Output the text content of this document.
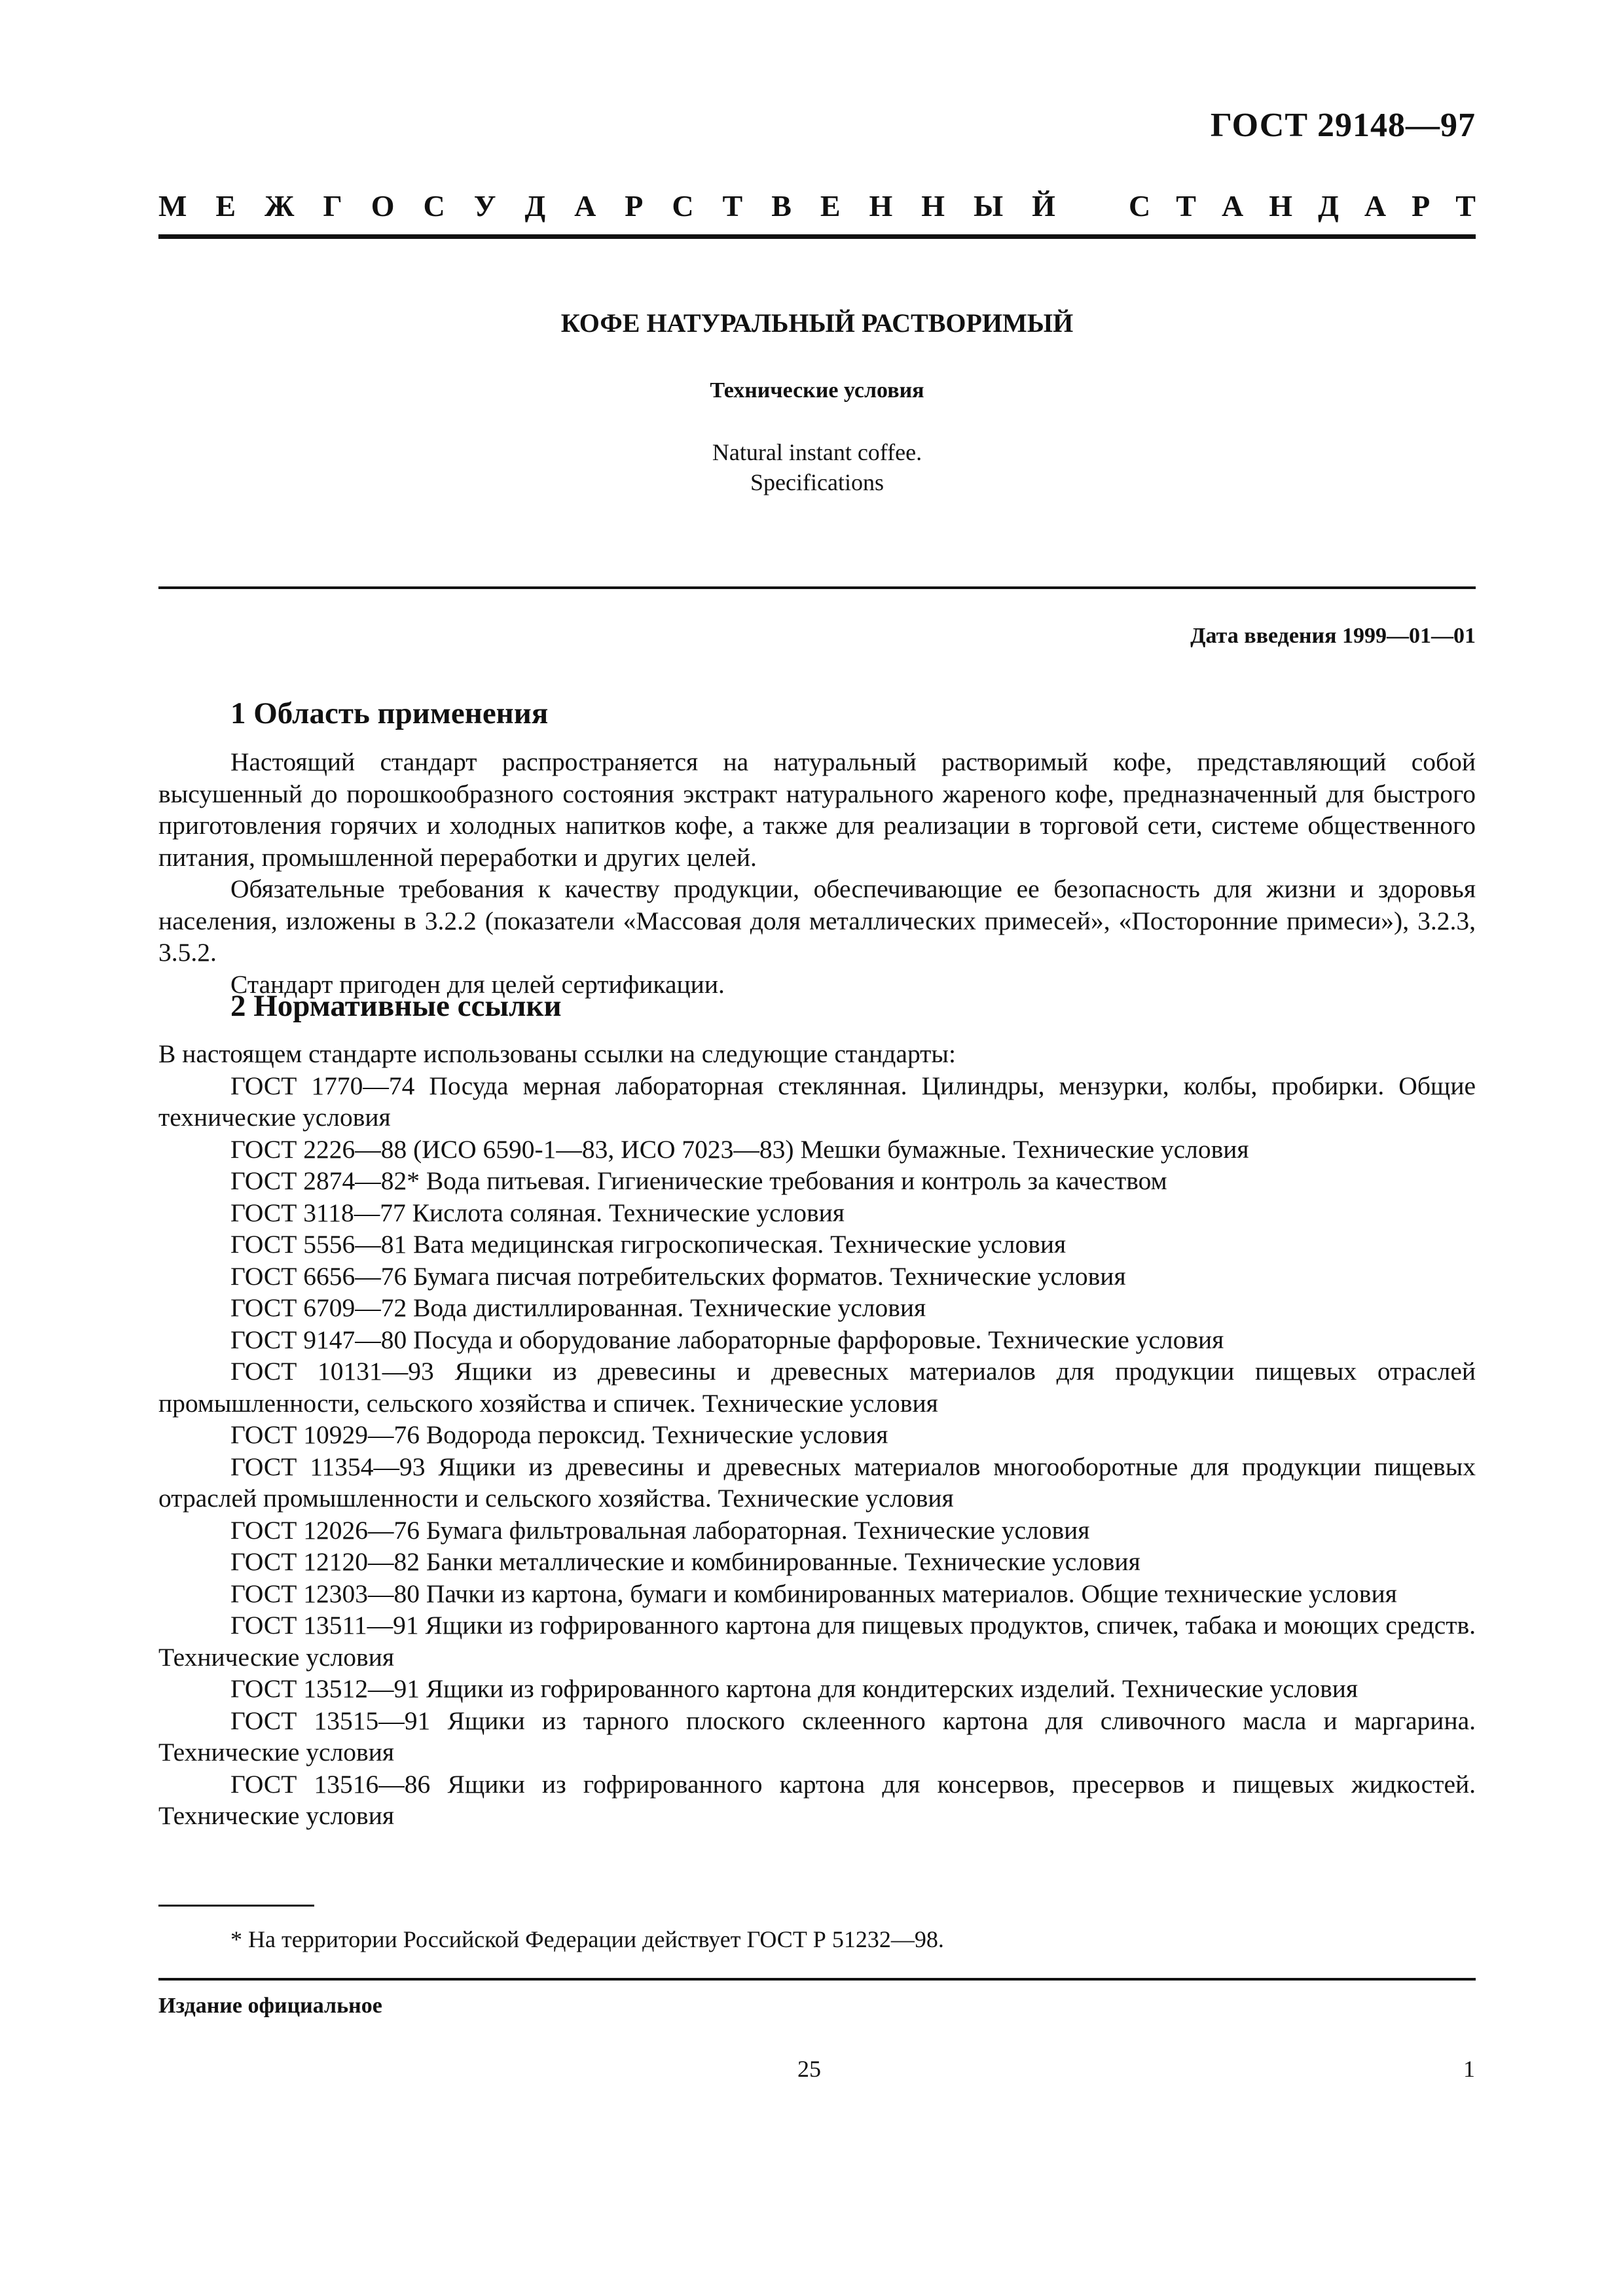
ГОСТ 29148—97
М Е Ж Г О С У Д А Р С Т В Е Н Н Ы Й С Т А Н Д А Р Т
КОФЕ НАТУРАЛЬНЫЙ РАСТВОРИМЫЙ
Технические условия
Natural instant coffee.
Specifications
Дата введения 1999—01—01
1 Область применения

Настоящий стандарт распространяется на натуральный растворимый кофе, представляющий собой высушенный до порошкообразного состояния экстракт натурального жареного кофе, предназначенный для быстрого приготовления горячих и холодных напитков кофе, а также для реализации в торговой сети, системе общественного питания, промышленной переработки и других целей.

Обязательные требования к качеству продукции, обеспечивающие ее безопасность для жизни и здоровья населения, изложены в 3.2.2 (показатели «Массовая доля металлических примесей», «Посторонние примеси»), 3.2.3, 3.5.2.

Стандарт пригоден для целей сертификации.

2 Нормативные ссылки

В настоящем стандарте использованы ссылки на следующие стандарты:

ГОСТ 1770—74 Посуда мерная лабораторная стеклянная. Цилиндры, мензурки, колбы, пробирки. Общие технические условия

ГОСТ 2226—88 (ИСО 6590-1—83, ИСО 7023—83) Мешки бумажные. Технические условия

ГОСТ 2874—82* Вода питьевая. Гигиенические требования и контроль за качеством

ГОСТ 3118—77 Кислота соляная. Технические условия

ГОСТ 5556—81 Вата медицинская гигроскопическая. Технические условия

ГОСТ 6656—76 Бумага писчая потребительских форматов. Технические условия

ГОСТ 6709—72 Вода дистиллированная. Технические условия

ГОСТ 9147—80 Посуда и оборудование лабораторные фарфоровые. Технические условия

ГОСТ 10131—93 Ящики из древесины и древесных материалов для продукции пищевых отраслей промышленности, сельского хозяйства и спичек. Технические условия

ГОСТ 10929—76 Водорода пероксид. Технические условия

ГОСТ 11354—93 Ящики из древесины и древесных материалов многооборотные для продукции пищевых отраслей промышленности и сельского хозяйства. Технические условия

ГОСТ 12026—76 Бумага фильтровальная лабораторная. Технические условия

ГОСТ 12120—82 Банки металлические и комбинированные. Технические условия

ГОСТ 12303—80 Пачки из картона, бумаги и комбинированных материалов. Общие технические условия

ГОСТ 13511—91 Ящики из гофрированного картона для пищевых продуктов, спичек, табака и моющих средств. Технические условия

ГОСТ 13512—91 Ящики из гофрированного картона для кондитерских изделий. Технические условия

ГОСТ 13515—91 Ящики из тарного плоского склеенного картона для сливочного масла и маргарина. Технические условия

ГОСТ 13516—86 Ящики из гофрированного картона для консервов, пресервов и пищевых жидкостей. Технические условия

* На территории Российской Федерации действует ГОСТ Р 51232—98.
Издание официальное
25	1
